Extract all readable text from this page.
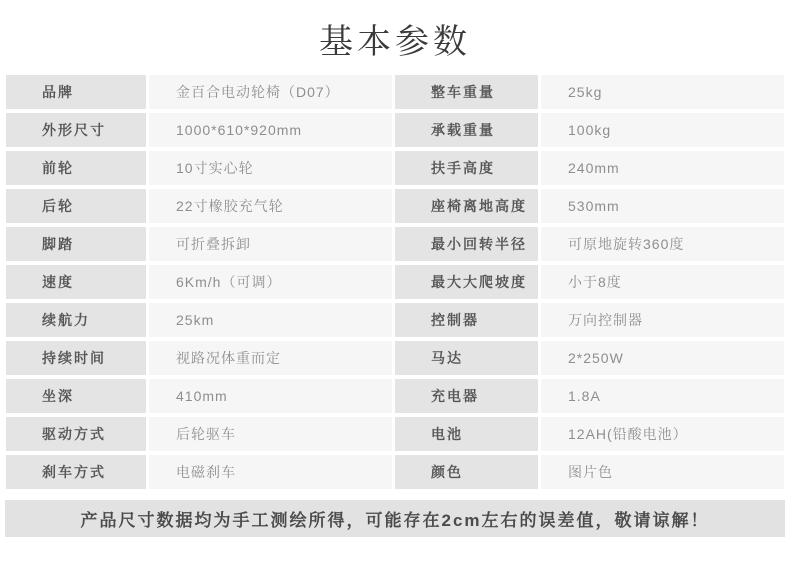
基本参数
品牌	金百合电动轮椅（D07）	整车重量	25kg
外形尺寸	1000*610*920mm	承载重量	100kg
前轮	10寸实心轮	扶手高度	240mm
后轮	22寸橡胶充气轮	座椅离地高度	530mm
脚踏	可折叠拆卸	最小回转半径	可原地旋转360度
速度	6Km/h（可调）	最大大爬坡度	小于8度
续航力	25km	控制器	万向控制器
持续时间	视路况体重而定	马达	2*250W
坐深	410mm	充电器	1.8A
驱动方式	后轮驱车	电池	12AH(铅酸电池）
刹车方式	电磁刹车	颜色	图片色
产品尺寸数据均为手工测绘所得，可能存在2cm左右的误差值，敬请谅解！
